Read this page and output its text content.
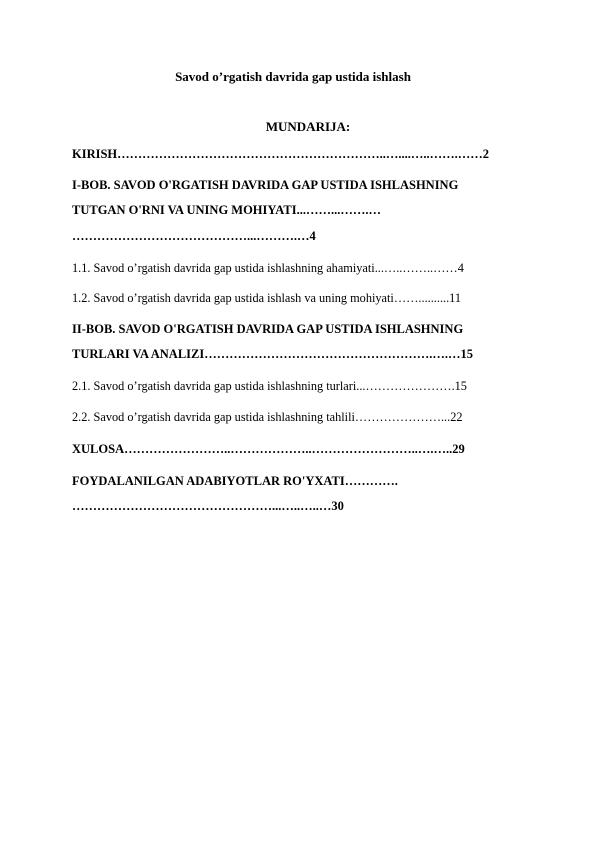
Savod o’rgatish davrida gap ustida ishlash
MUNDARIJA:
KIRISH………………………………………………………..…....…..…….……2
I-BOB. SAVOD O'RGATISH DAVRIDA GAP USTIDA ISHLASHNING
TUTGAN O'RNI VA UNING MOHIYATI...……...…….…
……………………………………...……….…4
1.1. Savod o’rgatish davrida gap ustida ishlashning ahamiyati...…..……..……4
1.2. Savod o’rgatish davrida gap ustida ishlash va uning mohiyati……..........11
II-BOB. SAVOD O'RGATISH DAVRIDA GAP USTIDA ISHLASHNING
TURLARI VA ANALIZI……………………………………………….….…15
2.1. Savod o’rgatish davrida gap ustida ishlashning turlari...………………….15
2.2. Savod o’rgatish davrida gap ustida ishlashning tahlili…………………...22
XULOSA……………………..………………..……………………..….…..29
FOYDALANILGAN ADABIYOTLAR RO'YXATI………….
…………………………………………...…..…..…30
